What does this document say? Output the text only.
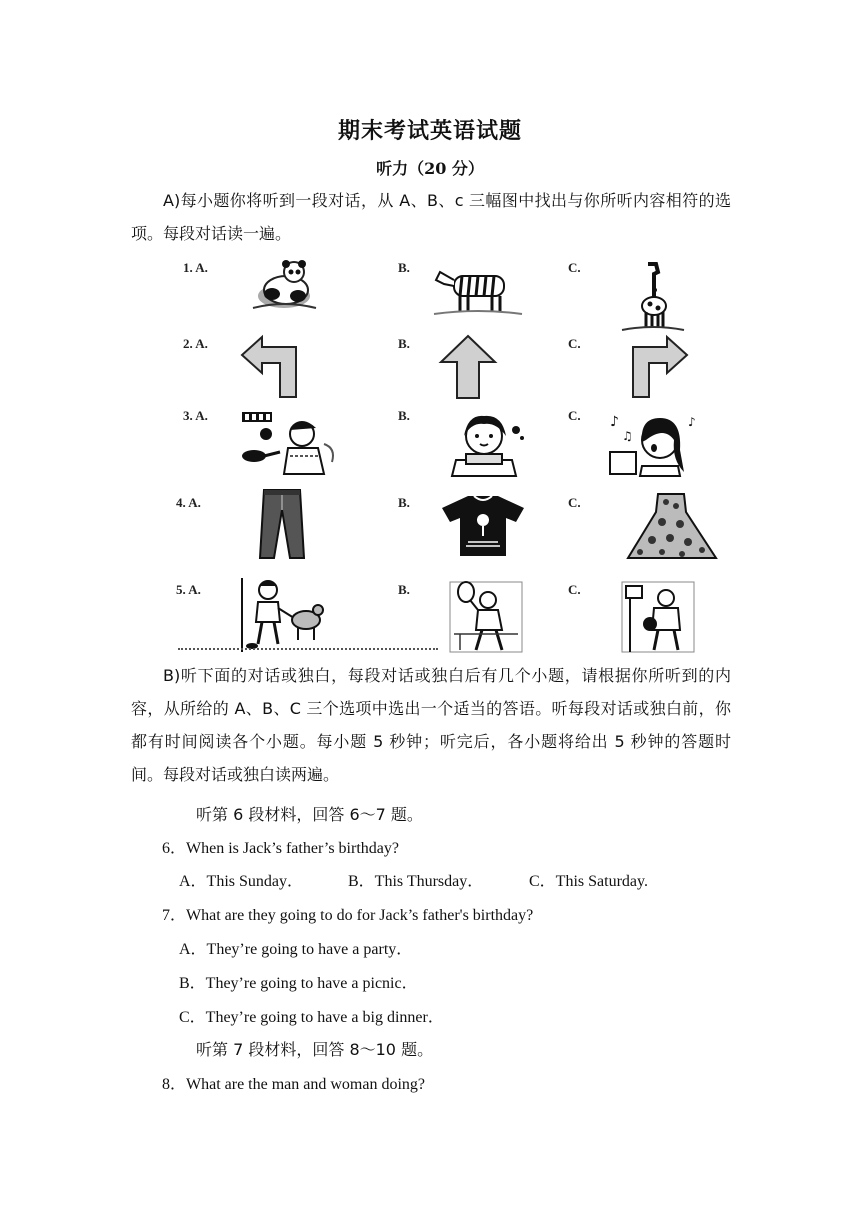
期末考试英语试题
听力（20 分）
A)每小题你将听到一段对话，从 A、B、c 三幅图中找出与你所听内容相符的选项。每段对话读一遍。
1. A.	B.	C.
2. A.	B.	C.
3. A.	B.	C. ♪
♫
♪
4. A.	B.	C.
5. A.	B.	C.
B)听下面的对话或独白，每段对话或独白后有几个小题，请根据你所听到的内容，从所给的 A、B、C 三个选项中选出一个适当的答语。听每段对话或独白前，你都有时间阅读各个小题。每小题 5 秒钟；听完后，各小题将给出 5 秒钟的答题时间。每段对话或独白读两遍。
听第 6 段材料，回答 6～7 题。
6．When is Jack’s father’s birthday?
A．This Sunday．	B．This Thursday．	C．This Saturday.
7．What are they going to do for Jack’s father's birthday?
A．They’re going to have a party．
B．They’re going to have a picnic．
C．They’re going to have a big dinner．
听第 7 段材料，回答 8～10 题。
8．What are the man and woman doing?
